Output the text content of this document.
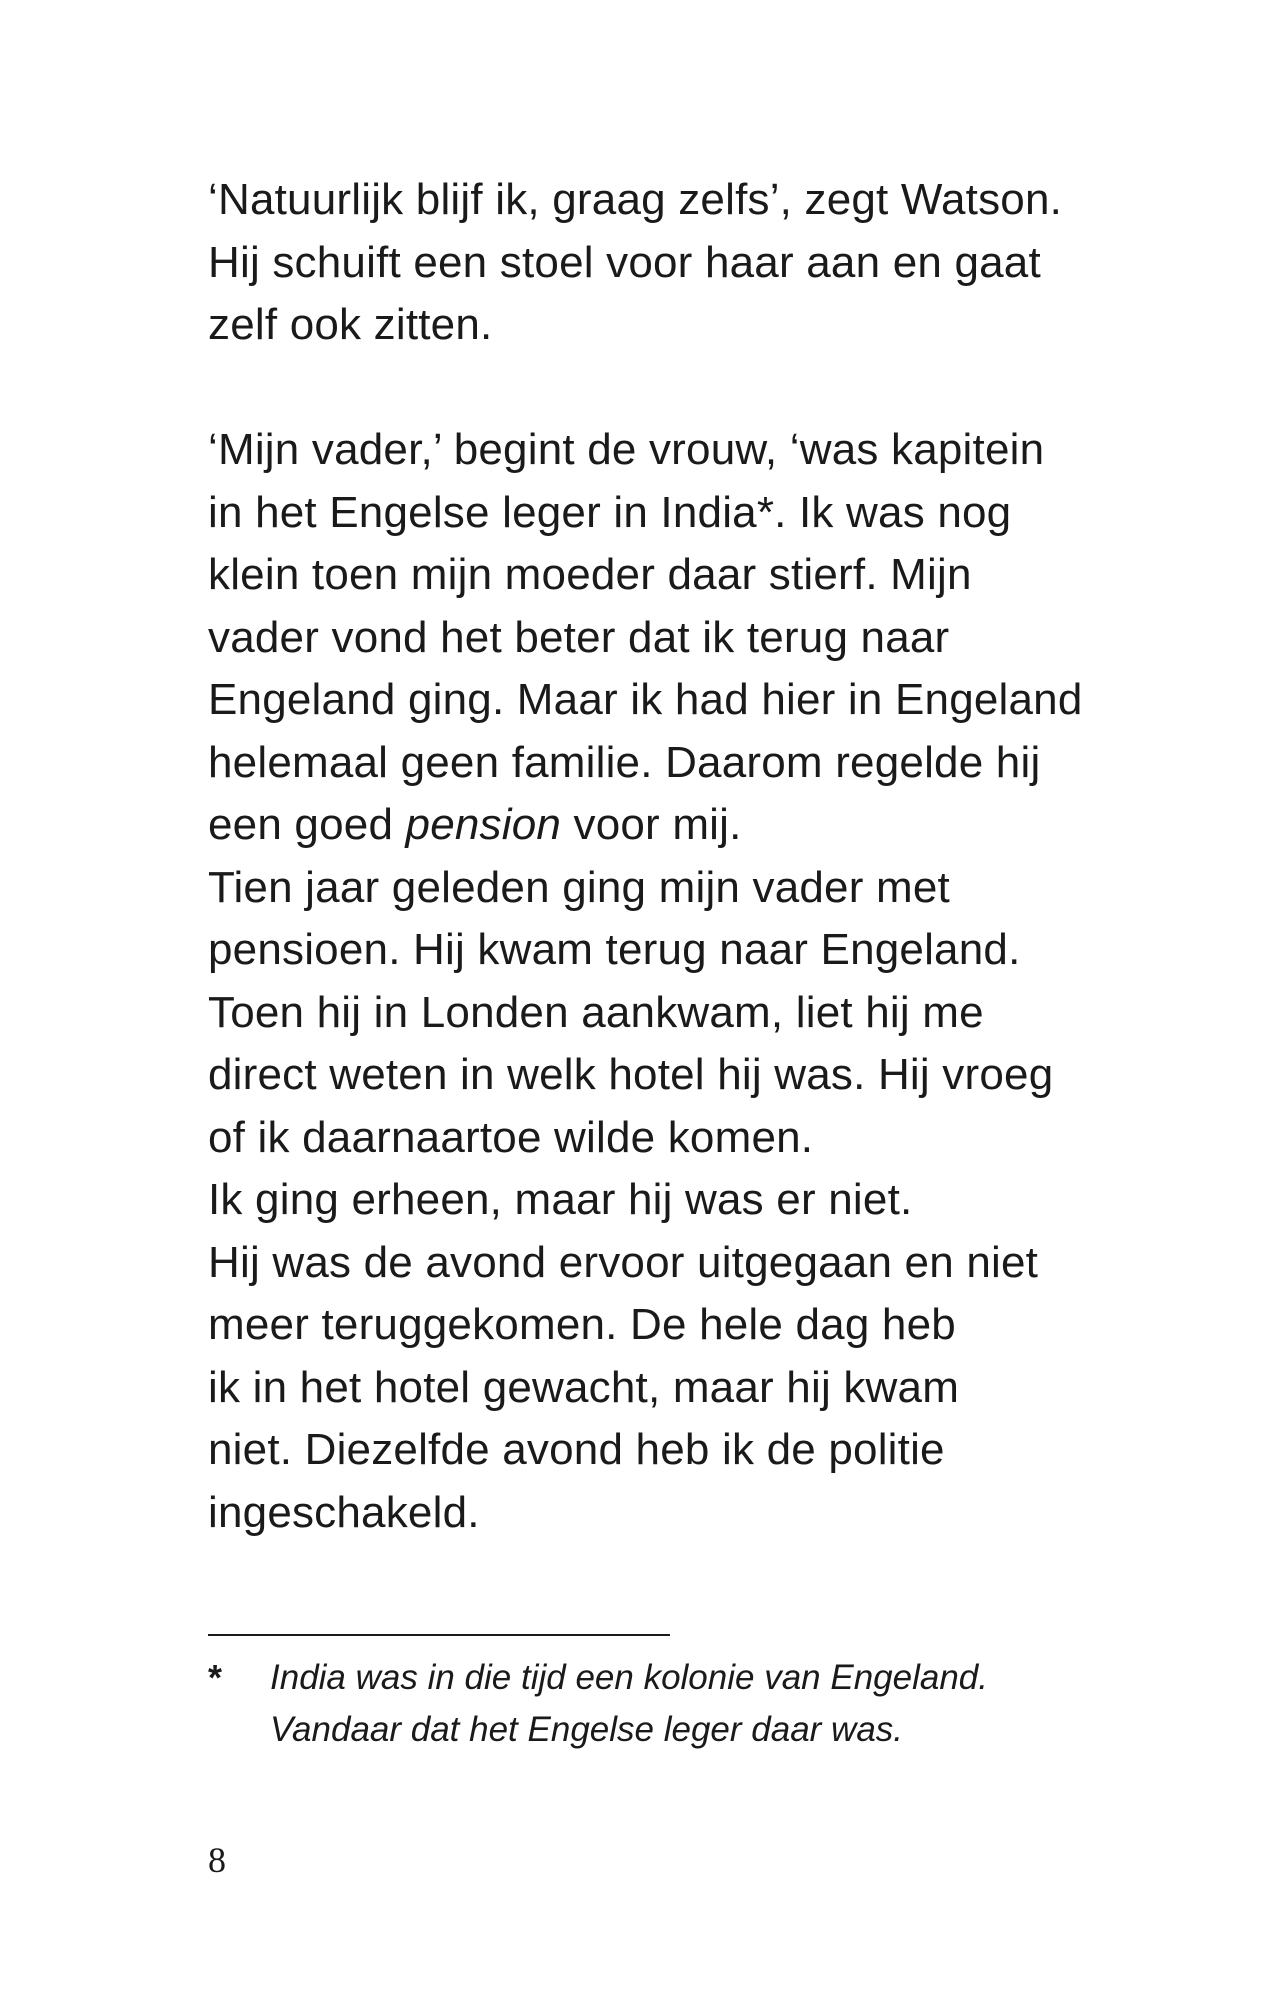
‘Natuurlijk blijf ik, graag zelfs’, zegt Watson.
Hij schuift een stoel voor haar aan en gaat
zelf ook zitten.
‘Mijn vader,’ begint de vrouw, ‘was kapitein
in het Engelse leger in India*. Ik was nog
klein toen mijn moeder daar stierf. Mijn
vader vond het beter dat ik terug naar
Engeland ging. Maar ik had hier in Engeland
helemaal geen familie. Daarom regelde hij
een goed pension voor mij.
Tien jaar geleden ging mijn vader met
pensioen. Hij kwam terug naar Engeland.
Toen hij in Londen aankwam, liet hij me
direct weten in welk hotel hij was. Hij vroeg
of ik daarnaartoe wilde komen.
Ik ging erheen, maar hij was er niet.
Hij was de avond ervoor uitgegaan en niet
meer teruggekomen. De hele dag heb
ik in het hotel gewacht, maar hij kwam
niet. Diezelfde avond heb ik de politie
ingeschakeld.
* India was in die tijd een kolonie van Engeland.
Vandaar dat het Engelse leger daar was.
8
